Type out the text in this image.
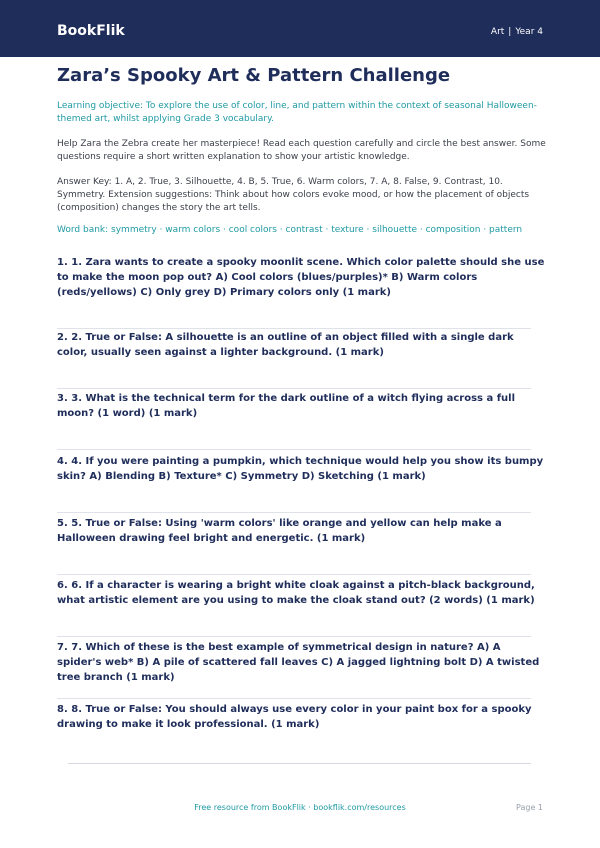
BookFlik	Art | Year 4
Zara’s Spooky Art & Pattern Challenge

Learning objective: To explore the use of color, line, and pattern within the context of seasonal Halloween-themed art, whilst applying Grade 3 vocabulary.

Help Zara the Zebra create her masterpiece! Read each question carefully and circle the best answer. Some questions require a short written explanation to show your artistic knowledge.

Answer Key: 1. A, 2. True, 3. Silhouette, 4. B, 5. True, 6. Warm colors, 7. A, 8. False, 9. Contrast, 10. Symmetry. Extension suggestions: Think about how colors evoke mood, or how the placement of objects (composition) changes the story the art tells.

Word bank: symmetry · warm colors · cool colors · contrast · texture · silhouette · composition · pattern

1. 1. Zara wants to create a spooky moonlit scene. Which color palette should she use to make the moon pop out? A) Cool colors (blues/purples)* B) Warm colors (reds/yellows) C) Only grey D) Primary colors only (1 mark)

2. 2. True or False: A silhouette is an outline of an object filled with a single dark color, usually seen against a lighter background. (1 mark)

3. 3. What is the technical term for the dark outline of a witch flying across a full moon? (1 word) (1 mark)

4. 4. If you were painting a pumpkin, which technique would help you show its bumpy skin? A) Blending B) Texture* C) Symmetry D) Sketching (1 mark)

5. 5. True or False: Using 'warm colors' like orange and yellow can help make a Halloween drawing feel bright and energetic. (1 mark)

6. 6. If a character is wearing a bright white cloak against a pitch-black background, what artistic element are you using to make the cloak stand out? (2 words) (1 mark)

7. 7. Which of these is the best example of symmetrical design in nature? A) A spider's web* B) A pile of scattered fall leaves C) A jagged lightning bolt D) A twisted tree branch (1 mark)

8. 8. True or False: You should always use every color in your paint box for a spooky drawing to make it look professional. (1 mark)

Free resource from BookFlik · bookflik.com/resources	Page 1
